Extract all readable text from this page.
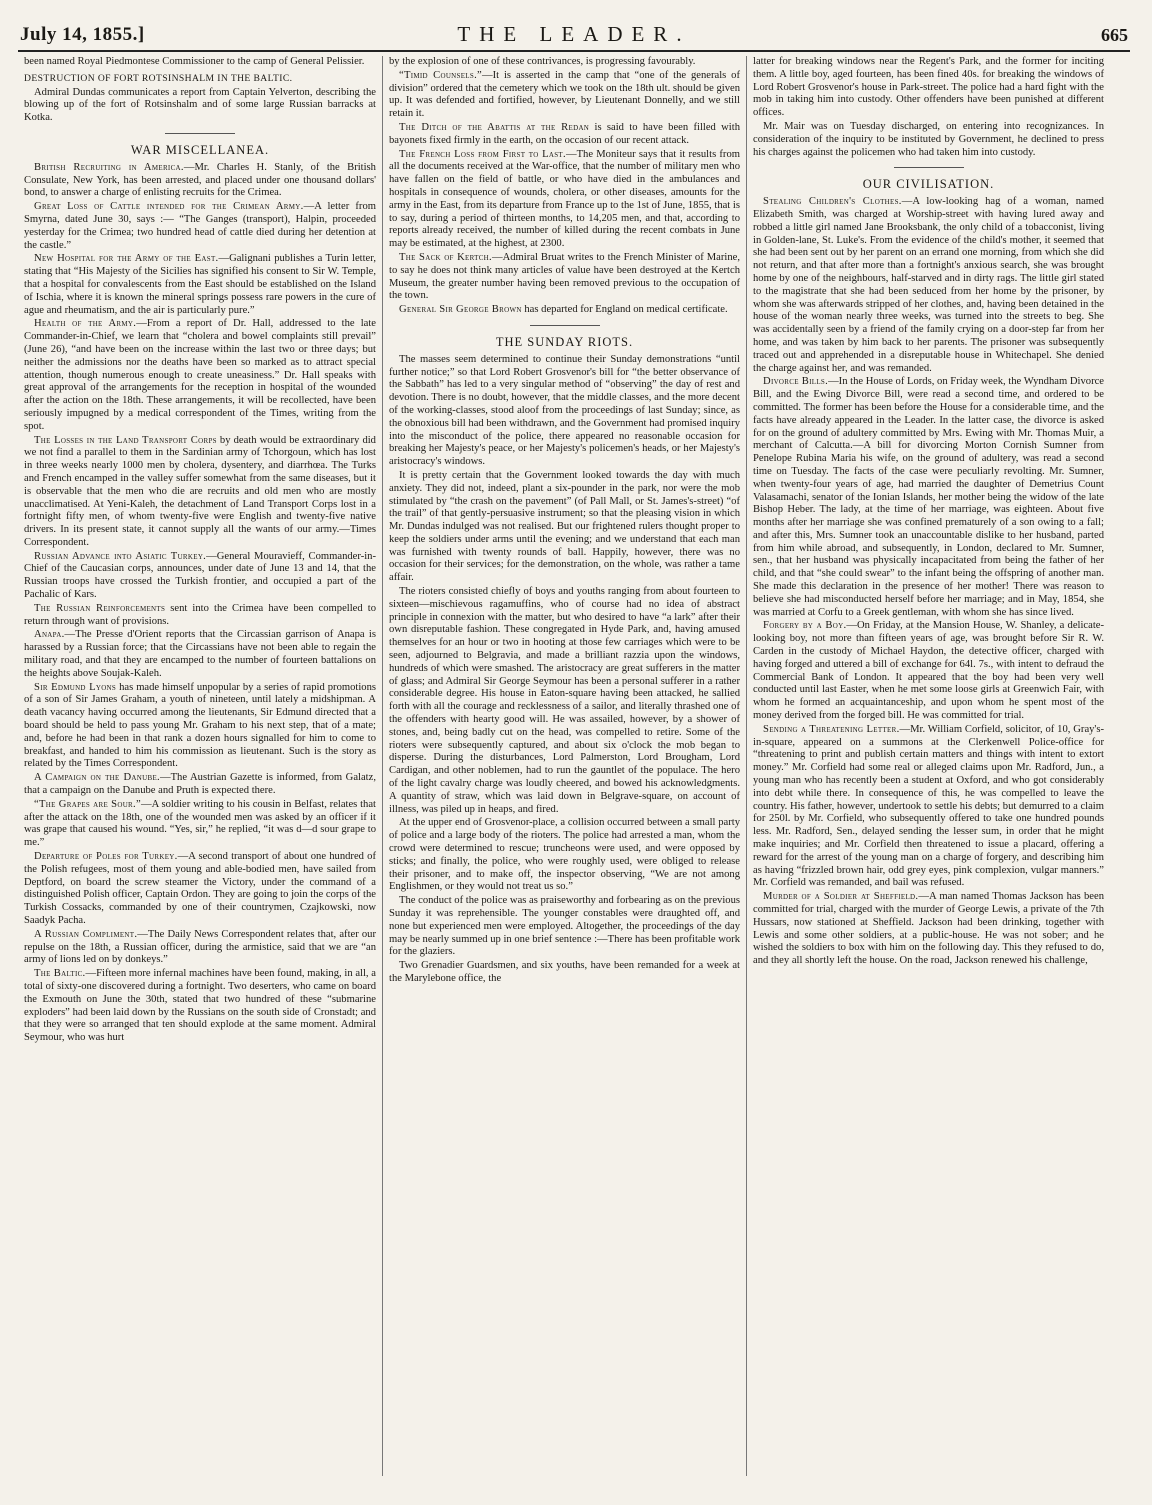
July 14, 1855.]	THE LEADER.	665

been named Royal Piedmontese Commissioner to the camp of General Pelissier.

DESTRUCTION OF FORT ROTSINSHALM IN THE BALTIC.

Admiral Dundas communicates a report from Captain Yelverton, describing the blowing up of the fort of Rotsinshalm and of some large Russian barracks at Kotka.

WAR MISCELLANEA.

British Recruiting in America.—Mr. Charles H. Stanly, of the British Consulate, New York, has been arrested, and placed under one thousand dollars' bond, to answer a charge of enlisting recruits for the Crimea.

Great Loss of Cattle intended for the Crimean Army.—A letter from Smyrna, dated June 30, says :— “The Ganges (transport), Halpin, proceeded yesterday for the Crimea; two hundred head of cattle died during her detention at the castle.”

New Hospital for the Army of the East.—Galignani publishes a Turin letter, stating that “His Majesty of the Sicilies has signified his consent to Sir W. Temple, that a hospital for convalescents from the East should be established on the Island of Ischia, where it is known the mineral springs possess rare powers in the cure of ague and rheumatism, and the air is particularly pure.”

Health of the Army.—From a report of Dr. Hall, addressed to the late Commander-in-Chief, we learn that “cholera and bowel complaints still prevail” (June 26), “and have been on the increase within the last two or three days; but neither the admissions nor the deaths have been so marked as to attract special attention, though numerous enough to create uneasiness.” Dr. Hall speaks with great approval of the arrangements for the reception in hospital of the wounded after the action on the 18th. These arrangements, it will be recollected, have been seriously impugned by a medical correspondent of the Times, writing from the spot.

The Losses in the Land Transport Corps by death would be extraordinary did we not find a parallel to them in the Sardinian army of Tchorgoun, which has lost in three weeks nearly 1000 men by cholera, dysentery, and diarrhœa. The Turks and French encamped in the valley suffer somewhat from the same diseases, but it is observable that the men who die are recruits and old men who are mostly unacclimatised. At Yeni-Kaleh, the detachment of Land Transport Corps lost in a fortnight fifty men, of whom twenty-five were English and twenty-five native drivers. In its present state, it cannot supply all the wants of our army.—Times Correspondent.

Russian Advance into Asiatic Turkey.—General Mouravieff, Commander-in-Chief of the Caucasian corps, announces, under date of June 13 and 14, that the Russian troops have crossed the Turkish frontier, and occupied a part of the Pachalic of Kars.

The Russian Reinforcements sent into the Crimea have been compelled to return through want of provisions.

Anapa.—The Presse d'Orient reports that the Circassian garrison of Anapa is harassed by a Russian force; that the Circassians have not been able to regain the military road, and that they are encamped to the number of fourteen battalions on the heights above Soujak-Kaleh.

Sir Edmund Lyons has made himself unpopular by a series of rapid promotions of a son of Sir James Graham, a youth of nineteen, until lately a midshipman. A death vacancy having occurred among the lieutenants, Sir Edmund directed that a board should be held to pass young Mr. Graham to his next step, that of a mate; and, before he had been in that rank a dozen hours signalled for him to come to breakfast, and handed to him his commission as lieutenant. Such is the story as related by the Times Correspondent.

A Campaign on the Danube.—The Austrian Gazette is informed, from Galatz, that a campaign on the Danube and Pruth is expected there.

“The Grapes are Sour.”—A soldier writing to his cousin in Belfast, relates that after the attack on the 18th, one of the wounded men was asked by an officer if it was grape that caused his wound. “Yes, sir,” he replied, “it was d—d sour grape to me.”

Departure of Poles for Turkey.—A second transport of about one hundred of the Polish refugees, most of them young and able-bodied men, have sailed from Deptford, on board the screw steamer the Victory, under the command of a distinguished Polish officer, Captain Ordon. They are going to join the corps of the Turkish Cossacks, commanded by one of their countrymen, Czajkowski, now Saadyk Pacha.

A Russian Compliment.—The Daily News Correspondent relates that, after our repulse on the 18th, a Russian officer, during the armistice, said that we are “an army of lions led on by donkeys.”

The Baltic.—Fifteen more infernal machines have been found, making, in all, a total of sixty-one discovered during a fortnight. Two deserters, who came on board the Exmouth on June the 30th, stated that two hundred of these “submarine exploders” had been laid down by the Russians on the south side of Cronstadt; and that they were so arranged that ten should explode at the same moment. Admiral Seymour, who was hurt

by the explosion of one of these contrivances, is progressing favourably.

“Timid Counsels.”—It is asserted in the camp that “one of the generals of division” ordered that the cemetery which we took on the 18th ult. should be given up. It was defended and fortified, however, by Lieutenant Donnelly, and we still retain it.

The Ditch of the Abattis at the Redan is said to have been filled with bayonets fixed firmly in the earth, on the occasion of our recent attack.

The French Loss from First to Last.—The Moniteur says that it results from all the documents received at the War-office, that the number of military men who have fallen on the field of battle, or who have died in the ambulances and hospitals in consequence of wounds, cholera, or other diseases, amounts for the army in the East, from its departure from France up to the 1st of June, 1855, that is to say, during a period of thirteen months, to 14,205 men, and that, according to reports already received, the number of killed during the recent combats in June may be estimated, at the highest, at 2300.

The Sack of Kertch.—Admiral Bruat writes to the French Minister of Marine, to say he does not think many articles of value have been destroyed at the Kertch Museum, the greater number having been removed previous to the occupation of the town.

General Sir George Brown has departed for England on medical certificate.

THE SUNDAY RIOTS.

The masses seem determined to continue their Sunday demonstrations “until further notice;” so that Lord Robert Grosvenor's bill for “the better observance of the Sabbath” has led to a very singular method of “observing” the day of rest and devotion. There is no doubt, however, that the middle classes, and the more decent of the working-classes, stood aloof from the proceedings of last Sunday; since, as the obnoxious bill had been withdrawn, and the Government had promised inquiry into the misconduct of the police, there appeared no reasonable occasion for breaking her Majesty's peace, or her Majesty's policemen's heads, or her Majesty's aristocracy's windows.

It is pretty certain that the Government looked towards the day with much anxiety. They did not, indeed, plant a six-pounder in the park, nor were the mob stimulated by “the crash on the pavement” (of Pall Mall, or St. James's-street) “of the trail” of that gently-persuasive instrument; so that the pleasing vision in which Mr. Dundas indulged was not realised. But our frightened rulers thought proper to keep the soldiers under arms until the evening; and we understand that each man was furnished with twenty rounds of ball. Happily, however, there was no occasion for their services; for the demonstration, on the whole, was rather a tame affair.

The rioters consisted chiefly of boys and youths ranging from about fourteen to sixteen—mischievous ragamuffins, who of course had no idea of abstract principle in connexion with the matter, but who desired to have “a lark” after their own disreputable fashion. These congregated in Hyde Park, and, having amused themselves for an hour or two in hooting at those few carriages which were to be seen, adjourned to Belgravia, and made a brilliant razzia upon the windows, hundreds of which were smashed. The aristocracy are great sufferers in the matter of glass; and Admiral Sir George Seymour has been a personal sufferer in a rather considerable degree. His house in Eaton-square having been attacked, he sallied forth with all the courage and recklessness of a sailor, and literally thrashed one of the offenders with hearty good will. He was assailed, however, by a shower of stones, and, being badly cut on the head, was compelled to retire. Some of the rioters were subsequently captured, and about six o'clock the mob began to disperse. During the disturbances, Lord Palmerston, Lord Brougham, Lord Cardigan, and other noblemen, had to run the gauntlet of the populace. The hero of the light cavalry charge was loudly cheered, and bowed his acknowledgments. A quantity of straw, which was laid down in Belgrave-square, on account of illness, was piled up in heaps, and fired.

At the upper end of Grosvenor-place, a collision occurred between a small party of police and a large body of the rioters. The police had arrested a man, whom the crowd were determined to rescue; truncheons were used, and were opposed by sticks; and finally, the police, who were roughly used, were obliged to release their prisoner, and to make off, the inspector observing, “We are not among Englishmen, or they would not treat us so.”

The conduct of the police was as praiseworthy and forbearing as on the previous Sunday it was reprehensible. The younger constables were draughted off, and none but experienced men were employed. Altogether, the proceedings of the day may be nearly summed up in one brief sentence :—There has been profitable work for the glaziers.

Two Grenadier Guardsmen, and six youths, have been remanded for a week at the Marylebone office, the

latter for breaking windows near the Regent's Park, and the former for inciting them. A little boy, aged fourteen, has been fined 40s. for breaking the windows of Lord Robert Grosvenor's house in Park-street. The police had a hard fight with the mob in taking him into custody. Other offenders have been punished at different offices.

Mr. Mair was on Tuesday discharged, on entering into recognizances. In consideration of the inquiry to be instituted by Government, he declined to press his charges against the policemen who had taken him into custody.

OUR CIVILISATION.

Stealing Children's Clothes.—A low-looking hag of a woman, named Elizabeth Smith, was charged at Worship-street with having lured away and robbed a little girl named Jane Brooksbank, the only child of a tobacconist, living in Golden-lane, St. Luke's. From the evidence of the child's mother, it seemed that she had been sent out by her parent on an errand one morning, from which she did not return, and that after more than a fortnight's anxious search, she was brought home by one of the neighbours, half-starved and in dirty rags. The little girl stated to the magistrate that she had been seduced from her home by the prisoner, by whom she was afterwards stripped of her clothes, and, having been detained in the house of the woman nearly three weeks, was turned into the streets to beg. She was accidentally seen by a friend of the family crying on a door-step far from her home, and was taken by him back to her parents. The prisoner was subsequently traced out and apprehended in a disreputable house in Whitechapel. She denied the charge against her, and was remanded.

Divorce Bills.—In the House of Lords, on Friday week, the Wyndham Divorce Bill, and the Ewing Divorce Bill, were read a second time, and ordered to be committed. The former has been before the House for a considerable time, and the facts have already appeared in the Leader. In the latter case, the divorce is asked for on the ground of adultery committed by Mrs. Ewing with Mr. Thomas Muir, a merchant of Calcutta.—A bill for divorcing Morton Cornish Sumner from Penelope Rubina Maria his wife, on the ground of adultery, was read a second time on Tuesday. The facts of the case were peculiarly revolting. Mr. Sumner, when twenty-four years of age, had married the daughter of Demetrius Count Valasamachi, senator of the Ionian Islands, her mother being the widow of the late Bishop Heber. The lady, at the time of her marriage, was eighteen. About five months after her marriage she was confined prematurely of a son owing to a fall; and after this, Mrs. Sumner took an unaccountable dislike to her husband, parted from him while abroad, and subsequently, in London, declared to Mr. Sumner, sen., that her husband was physically incapacitated from being the father of her child, and that “she could swear” to the infant being the offspring of another man. She made this declaration in the presence of her mother! There was reason to believe she had misconducted herself before her marriage; and in May, 1854, she was married at Corfu to a Greek gentleman, with whom she has since lived.

Forgery by a Boy.—On Friday, at the Mansion House, W. Shanley, a delicate-looking boy, not more than fifteen years of age, was brought before Sir R. W. Carden in the custody of Michael Haydon, the detective officer, charged with having forged and uttered a bill of exchange for 64l. 7s., with intent to defraud the Commercial Bank of London. It appeared that the boy had been very well conducted until last Easter, when he met some loose girls at Greenwich Fair, with whom he formed an acquaintanceship, and upon whom he spent most of the money derived from the forged bill. He was committed for trial.

Sending a Threatening Letter.—Mr. William Corfield, solicitor, of 10, Gray's-in-square, appeared on a summons at the Clerkenwell Police-office for “threatening to print and publish certain matters and things with intent to extort money.” Mr. Corfield had some real or alleged claims upon Mr. Radford, Jun., a young man who has recently been a student at Oxford, and who got considerably into debt while there. In consequence of this, he was compelled to leave the country. His father, however, undertook to settle his debts; but demurred to a claim for 250l. by Mr. Corfield, who subsequently offered to take one hundred pounds less. Mr. Radford, Sen., delayed sending the lesser sum, in order that he might make inquiries; and Mr. Corfield then threatened to issue a placard, offering a reward for the arrest of the young man on a charge of forgery, and describing him as having “frizzled brown hair, odd grey eyes, pink complexion, vulgar manners.” Mr. Corfield was remanded, and bail was refused.

Murder of a Soldier at Sheffield.—A man named Thomas Jackson has been committed for trial, charged with the murder of George Lewis, a private of the 7th Hussars, now stationed at Sheffield. Jackson had been drinking, together with Lewis and some other soldiers, at a public-house. He was not sober; and he wished the soldiers to box with him on the following day. This they refused to do, and they all shortly left the house. On the road, Jackson renewed his challenge,
